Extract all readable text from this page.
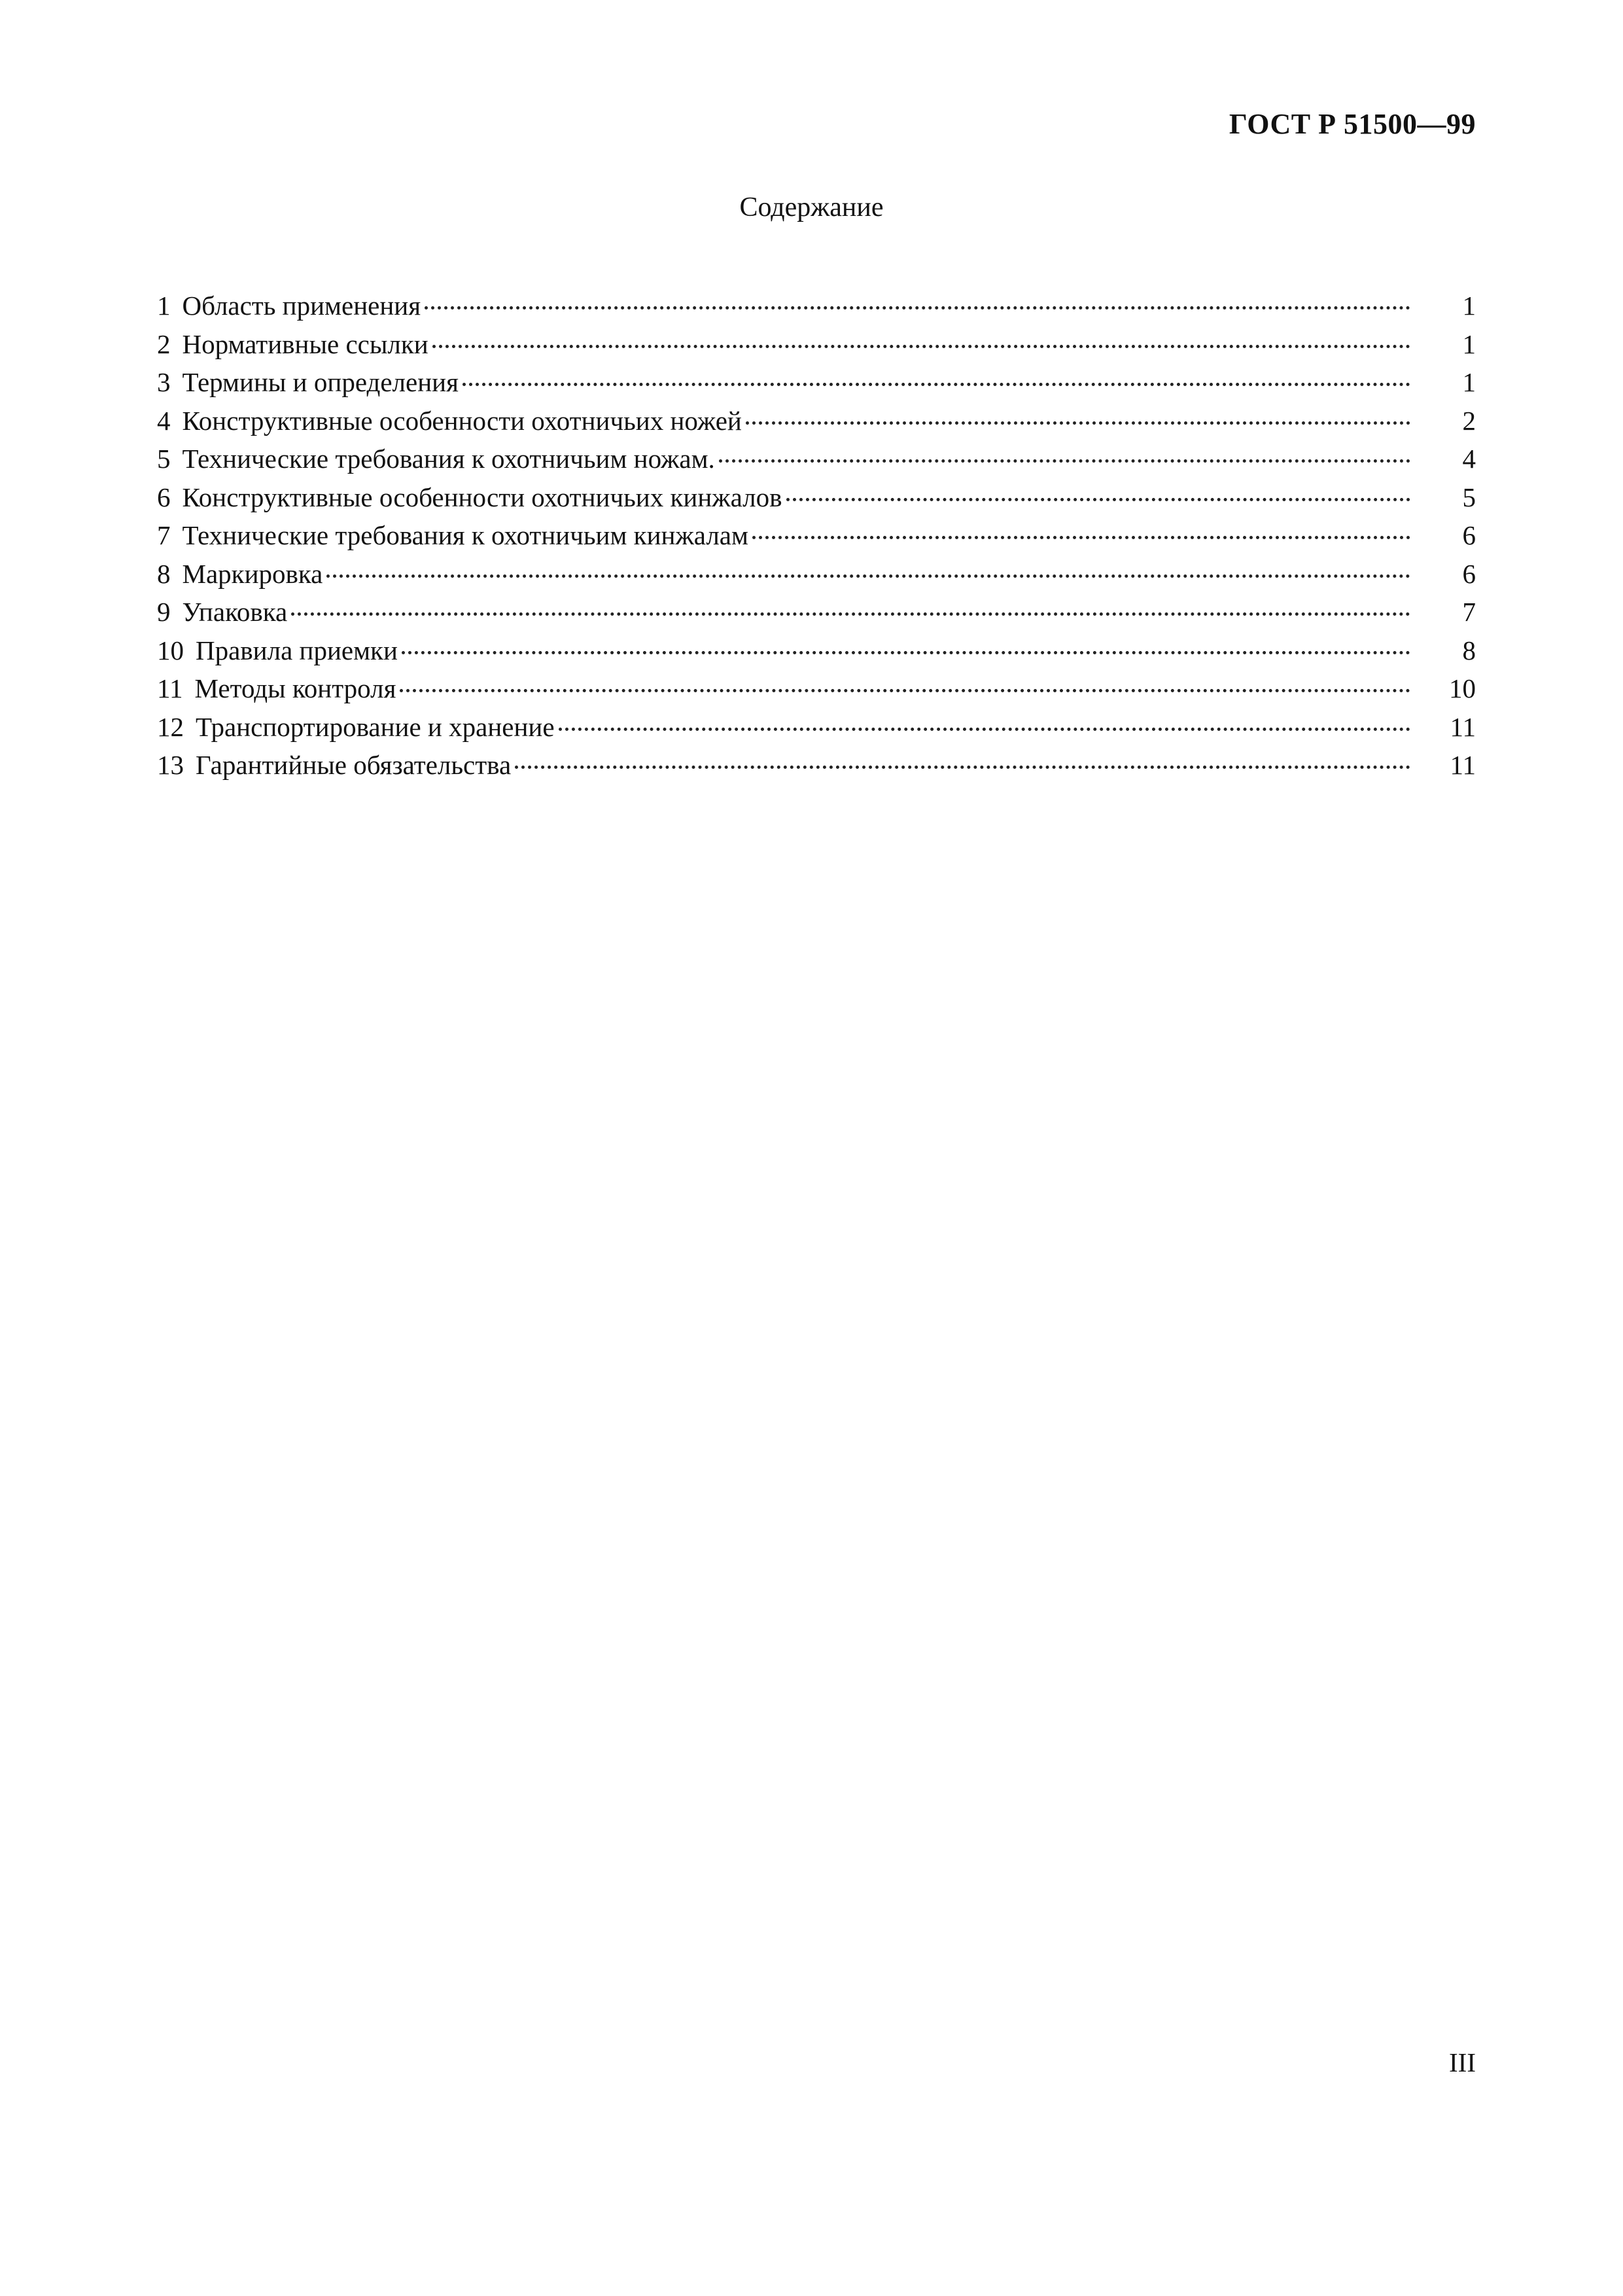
ГОСТ Р 51500—99
Содержание
1 Область применения	1
2 Нормативные ссылки	1
3 Термины и определения	1
4 Конструктивные особенности охотничьих ножей	2
5 Технические требования к охотничьим ножам.	4
6 Конструктивные особенности охотничьих кинжалов	5
7 Технические требования к охотничьим кинжалам	6
8 Маркировка	6
9 Упаковка	7
10 Правила приемки	8
11 Методы контроля	10
12 Транспортирование и хранение	11
13 Гарантийные обязательства	11
III
